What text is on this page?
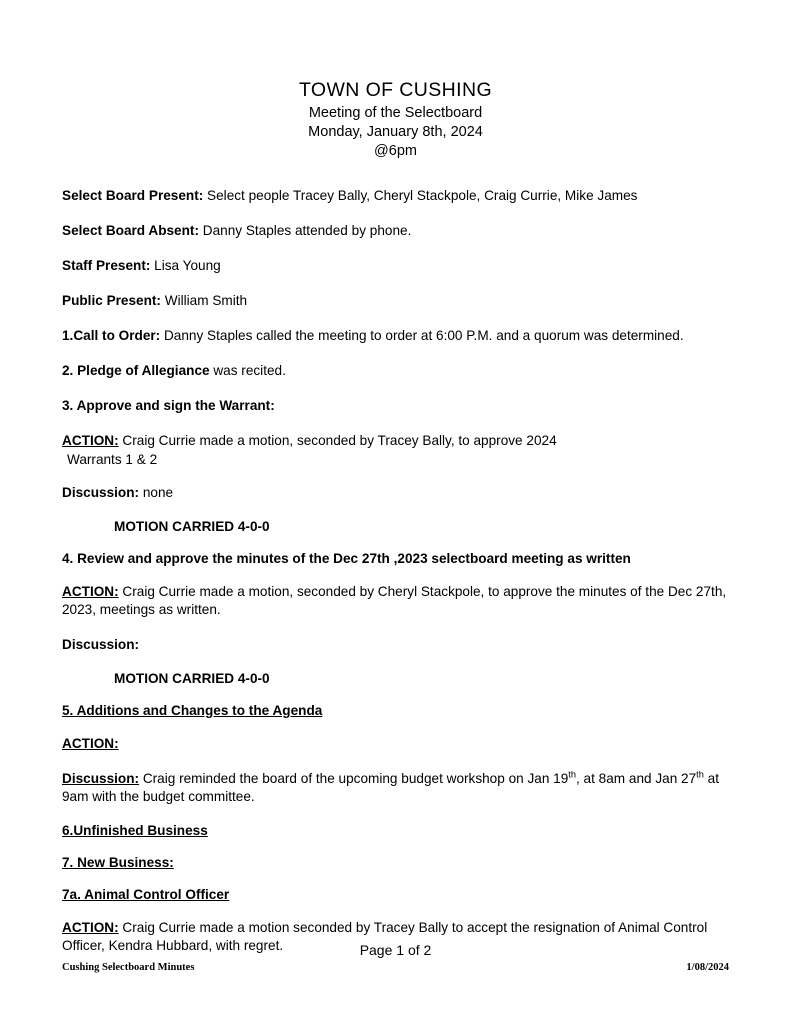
TOWN OF CUSHING
Meeting of the Selectboard
Monday, January 8th, 2024
@6pm

Select Board Present: Select people Tracey Bally, Cheryl Stackpole, Craig Currie, Mike James

Select Board Absent: Danny Staples attended by phone.

Staff Present: Lisa Young

Public Present: William Smith

1.Call to Order: Danny Staples called the meeting to order at 6:00 P.M. and a quorum was determined.

2. Pledge of Allegiance was recited.

3. Approve and sign the Warrant:

ACTION: Craig Currie made a motion, seconded by Tracey Bally, to approve 2024
Warrants 1 & 2

Discussion: none

MOTION CARRIED 4-0-0
4. Review and approve the minutes of the Dec 27th ,2023 selectboard meeting as written

ACTION: Craig Currie made a motion, seconded by Cheryl Stackpole, to approve the minutes of the Dec 27th, 2023, meetings as written.

Discussion:

MOTION CARRIED 4-0-0
5. Additions and Changes to the Agenda

ACTION:

Discussion: Craig reminded the board of the upcoming budget workshop on Jan 19th, at 8am and Jan 27th at 9am with the budget committee.

6.Unfinished Business
7. New Business:
7a. Animal Control Officer

ACTION: Craig Currie made a motion seconded by Tracey Bally to accept the resignation of Animal Control Officer, Kendra Hubbard, with regret.	Page 1 of 2
Cushing Selectboard Minutes	1/08/2024
